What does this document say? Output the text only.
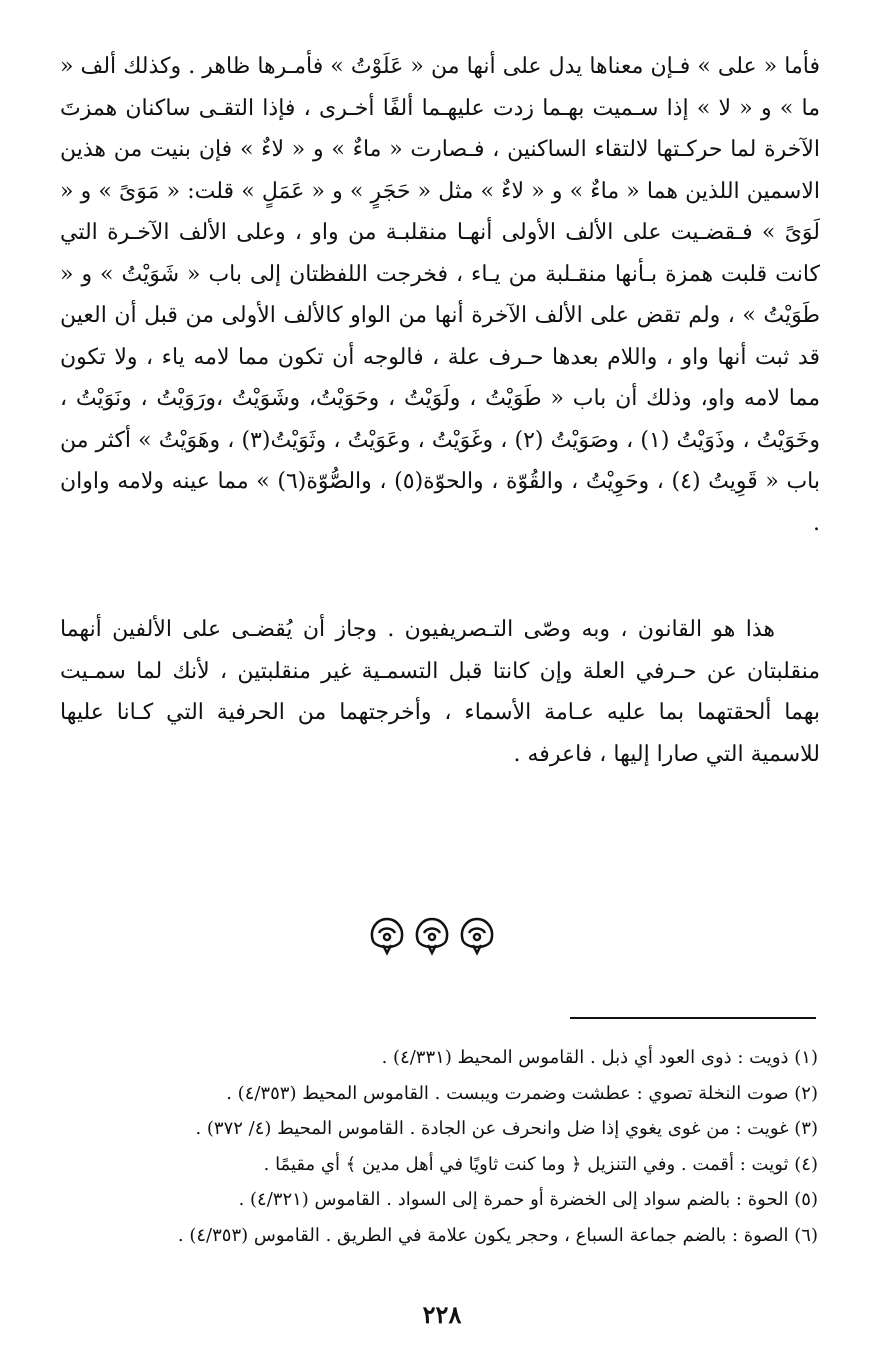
فأما « على » فـإن معناها يدل على أنها من « عَلَوْتُ » فأمـرها ظاهر . وكذلك ألف « ما » و « لا » إذا سـميت بهـما زدت عليهـما ألفًا أخـرى ، فإذا التقـى ساكنان همزتَ الآخرة لما حركـتها لالتقاء الساكنين ، فـصارت « ماءٌ » و « لاءٌ » فإن بنيت من هذين الاسمين اللذين هما « ماءٌ » و « لاءٌ » مثل « حَجَرٍ » و « عَمَلٍ » قلت: « مَوَىً » و « لَوَىً » فـقضـيت على الألف الأولى أنهـا منقلبـة من واو ، وعلى الألف الآخـرة التي كانت قلبت همزة بـأنها منقـلبة من يـاء ، فخرجت اللفظتان إلى باب « شَوَيْتُ » و « طَوَيْتُ » ، ولم تقض على الألف الآخرة أنها من الواو كالألف الأولى من قبل أن العين قد ثبت أنها واو ، واللام بعدها حـرف علة ، فالوجه أن تكون مما لامه ياء ، ولا تكون مما لامه واو، وذلك أن باب « طَوَيْتُ ، ولَوَيْتُ ، وحَوَيْتُ، وشَوَيْتُ ،ورَوَيْتُ ، ونَوَيْتُ ، وخَوَيْتُ ، وذَوَيْتُ (١) ، وصَوَيْتُ (٢) ، وغَوَيْتُ ، وعَوَيْتُ ، وثَوَيْتُ(٣) ، وهَوَيْتُ » أكثر من باب « قَوِيتُ (٤) ، وحَوِيْتُ ، والقُوّة ، والحوّة(٥) ، والصُّوّة(٦) » مما عينه ولامه واوان .

هذا هو القانون ، وبه وصّى التـصريفيون . وجاز أن يُقضـى على الألفين أنهما منقلبتان عن حـرفي العلة وإن كانتا قبل التسمـية غير منقلبتين ، لأنك لما سمـيت بهما ألحقتهما بما عليه عـامة الأسماء ، وأخرجتهما من الحرفية التي كـانا عليها للاسمية التي صارا إليها ، فاعرفه .

(١) ذويت : ذوى العود أي ذبل . القاموس المحيط (٤/٣٣١) .
(٢) صوت النخلة تصوي : عطشت وضمرت ويبست . القاموس المحيط (٤/٣٥٣) .
(٣) غويت : من غوى يغوي إذا ضل وانحرف عن الجادة . القاموس المحيط (٤/ ٣٧٢) .
(٤) ثويت : أقمت . وفي التنزيل ﴿ وما كنت ثاويًا في أهل مدين ﴾ أي مقيمًا .
(٥) الحوة : بالضم سواد إلى الخضرة أو حمرة إلى السواد . القاموس (٤/٣٢١) .
(٦) الصوة : بالضم جماعة السباع ، وحجر يكون علامة في الطريق . القاموس (٤/٣٥٣) .
٢٢٨
